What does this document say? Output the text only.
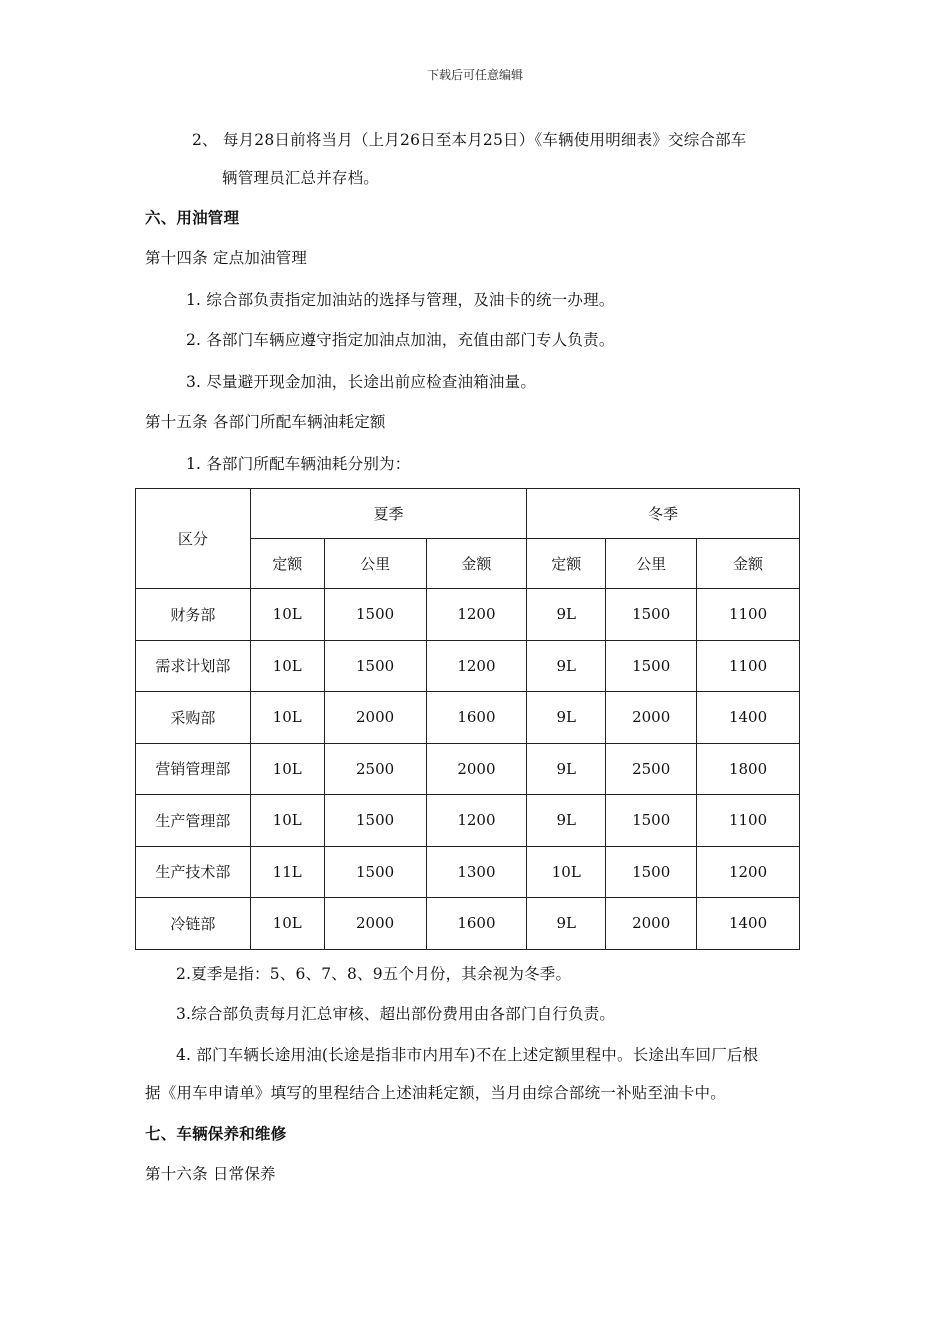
下载后可任意编辑
2、 每月28日前将当月（上月26日至本月25日）《车辆使用明细表》交综合部车
辆管理员汇总并存档。
六、用油管理
第十四条 定点加油管理
1. 综合部负责指定加油站的选择与管理，及油卡的统一办理。
2. 各部门车辆应遵守指定加油点加油，充值由部门专人负责。
3. 尽量避开现金加油，长途出前应检查油箱油量。
第十五条 各部门所配车辆油耗定额
1. 各部门所配车辆油耗分别为：
区分	夏季			冬季		
	定额	公里	金额	定额	公里	金额
财务部	10L	1500	1200	9L	1500	1100
需求计划部	10L	1500	1200	9L	1500	1100
采购部	10L	2000	1600	9L	2000	1400
营销管理部	10L	2500	2000	9L	2500	1800
生产管理部	10L	1500	1200	9L	1500	1100
生产技术部	11L	1500	1300	10L	1500	1200
冷链部	10L	2000	1600	9L	2000	1400
2.夏季是指：5、6、7、8、9五个月份，其余视为冬季。
3.综合部负责每月汇总审核、超出部份费用由各部门自行负责。
4. 部门车辆长途用油(长途是指非市内用车)不在上述定额里程中。长途出车回厂后根
据《用车申请单》填写的里程结合上述油耗定额，当月由综合部统一补贴至油卡中。
七、车辆保养和维修
第十六条 日常保养
